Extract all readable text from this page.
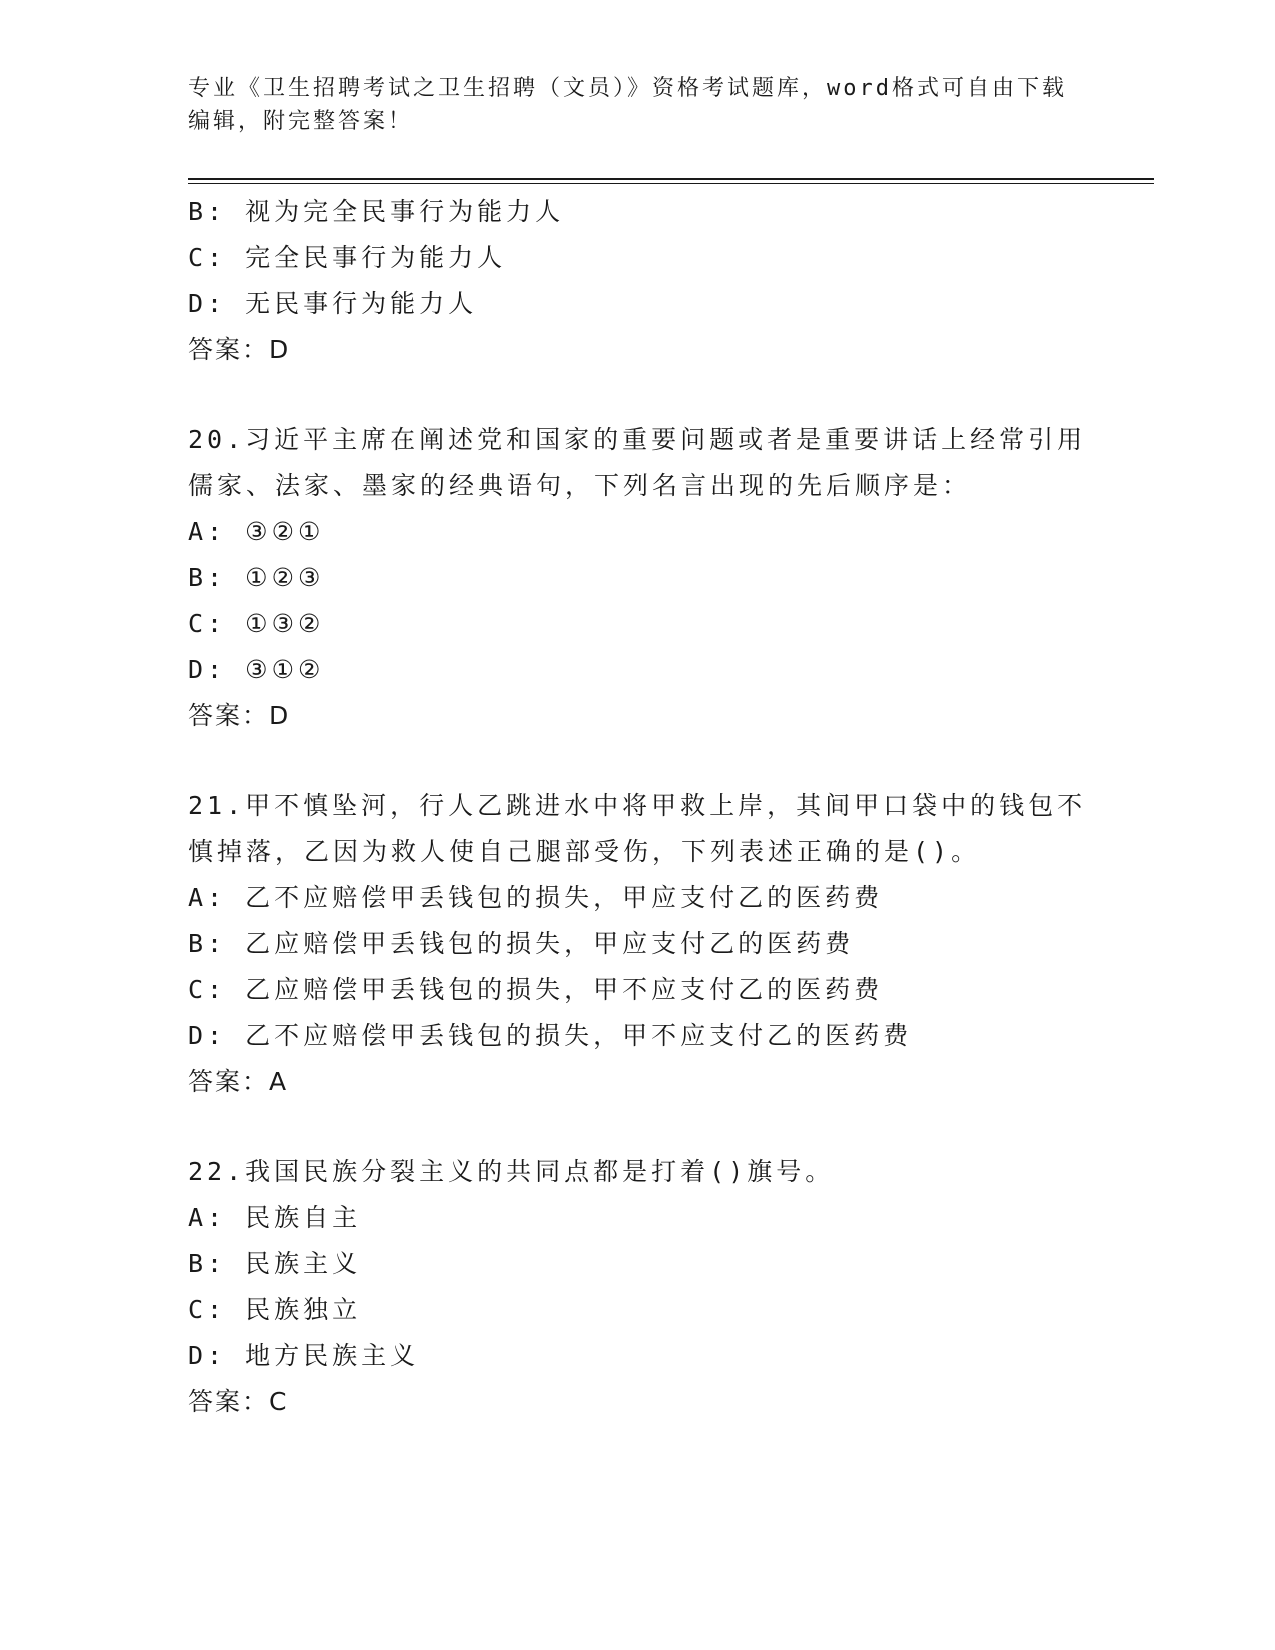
专业《卫生招聘考试之卫生招聘（文员）》资格考试题库，word格式可自由下载
编辑，附完整答案！
B: 视为完全民事行为能力人
C: 完全民事行为能力人
D: 无民事行为能力人
答案：D
20.习近平主席在阐述党和国家的重要问题或者是重要讲话上经常引用
儒家、法家、墨家的经典语句，下列名言出现的先后顺序是：
A: ③②①
B: ①②③
C: ①③②
D: ③①②
答案：D
21.甲不慎坠河，行人乙跳进水中将甲救上岸，其间甲口袋中的钱包不
慎掉落，乙因为救人使自己腿部受伤，下列表述正确的是()。
A: 乙不应赔偿甲丢钱包的损失，甲应支付乙的医药费
B: 乙应赔偿甲丢钱包的损失，甲应支付乙的医药费
C: 乙应赔偿甲丢钱包的损失，甲不应支付乙的医药费
D: 乙不应赔偿甲丢钱包的损失，甲不应支付乙的医药费
答案：A
22.我国民族分裂主义的共同点都是打着()旗号。
A: 民族自主
B: 民族主义
C: 民族独立
D: 地方民族主义
答案：C
